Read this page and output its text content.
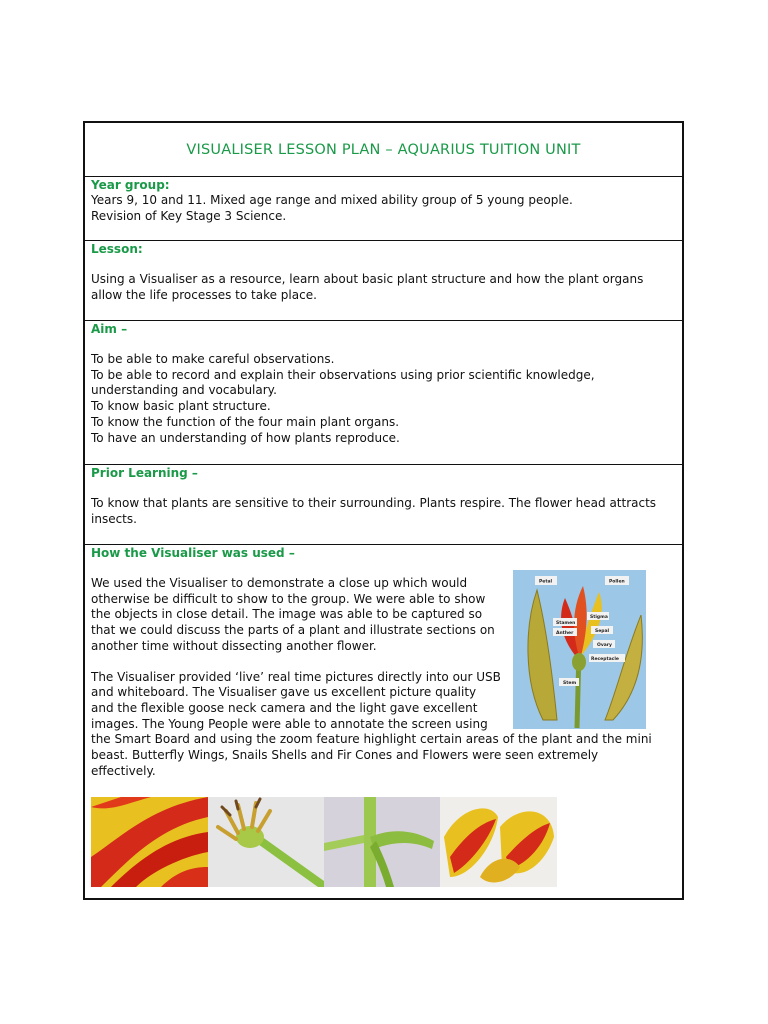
VISUALISER LESSON PLAN – AQUARIUS TUITION UNIT
Year group:
Years 9, 10 and 11. Mixed age range and mixed ability group of 5 young people.
Revision of Key Stage 3 Science.
Lesson:
Using a Visualiser as a resource, learn about basic plant structure and how the plant organs
allow the life processes to take place.
Aim –
To be able to make careful observations.
To be able to record and explain their observations using prior scientific knowledge,
understanding and vocabulary.
To know basic plant structure.
To know the function of the four main plant organs.
To have an understanding of how plants reproduce.
Prior Learning –
To know that plants are sensitive to their surrounding. Plants respire. The flower head attracts
insects.
How the Visualiser was used –
We used the Visualiser to demonstrate a close up which would
otherwise be difficult to show to the group. We were able to show
the objects in close detail. The image was able to be captured so
that we could discuss the parts of a plant and illustrate sections on
another time without dissecting another flower.
The Visualiser provided ‘live’ real time pictures directly into our USB
and whiteboard. The Visualiser gave us excellent picture quality
and the flexible goose neck camera and the light gave excellent
images. The Young People were able to annotate the screen using
the Smart Board and using the zoom feature highlight certain areas of the plant and the mini
beast. Butterfly Wings, Snails Shells and Fir Cones and Flowers were seen extremely
effectively.
Petal	Pollen
Stigma
Stamen
Anther	Sepal
Ovary
Receptacle
Stem
